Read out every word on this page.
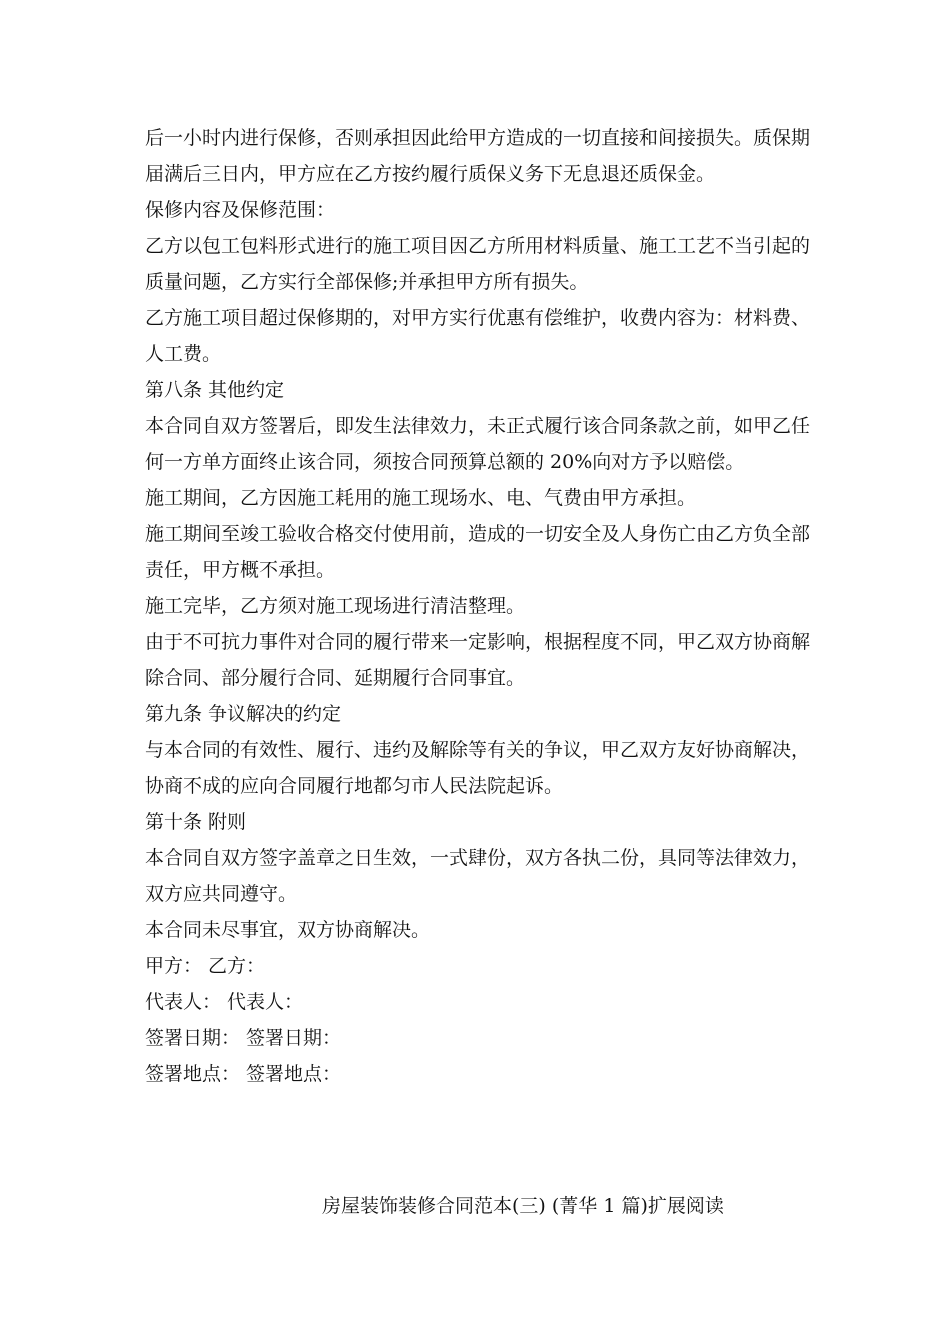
后一小时内进行保修，否则承担因此给甲方造成的一切直接和间接损失。质保期届满后三日内，甲方应在乙方按约履行质保义务下无息退还质保金。

保修内容及保修范围：

乙方以包工包料形式进行的施工项目因乙方所用材料质量、施工工艺不当引起的质量问题，乙方实行全部保修;并承担甲方所有损失。

乙方施工项目超过保修期的，对甲方实行优惠有偿维护，收费内容为：材料费、人工费。

第八条 其他约定

本合同自双方签署后，即发生法律效力，未正式履行该合同条款之前，如甲乙任何一方单方面终止该合同，须按合同预算总额的 20%向对方予以赔偿。

施工期间，乙方因施工耗用的施工现场水、电、气费由甲方承担。

施工期间至竣工验收合格交付使用前，造成的一切安全及人身伤亡由乙方负全部责任，甲方概不承担。

施工完毕，乙方须对施工现场进行清洁整理。

由于不可抗力事件对合同的履行带来一定影响，根据程度不同，甲乙双方协商解除合同、部分履行合同、延期履行合同事宜。

第九条 争议解决的约定

与本合同的有效性、履行、违约及解除等有关的争议，甲乙双方友好协商解决，协商不成的应向合同履行地都匀市人民法院起诉。

第十条 附则

本合同自双方签字盖章之日生效，一式肆份，双方各执二份，具同等法律效力，双方应共同遵守。

本合同未尽事宜，双方协商解决。

甲方： 乙方：

代表人： 代表人：

签署日期： 签署日期：

签署地点： 签署地点：

房屋装饰装修合同范本(三) (菁华 1 篇)扩展阅读
